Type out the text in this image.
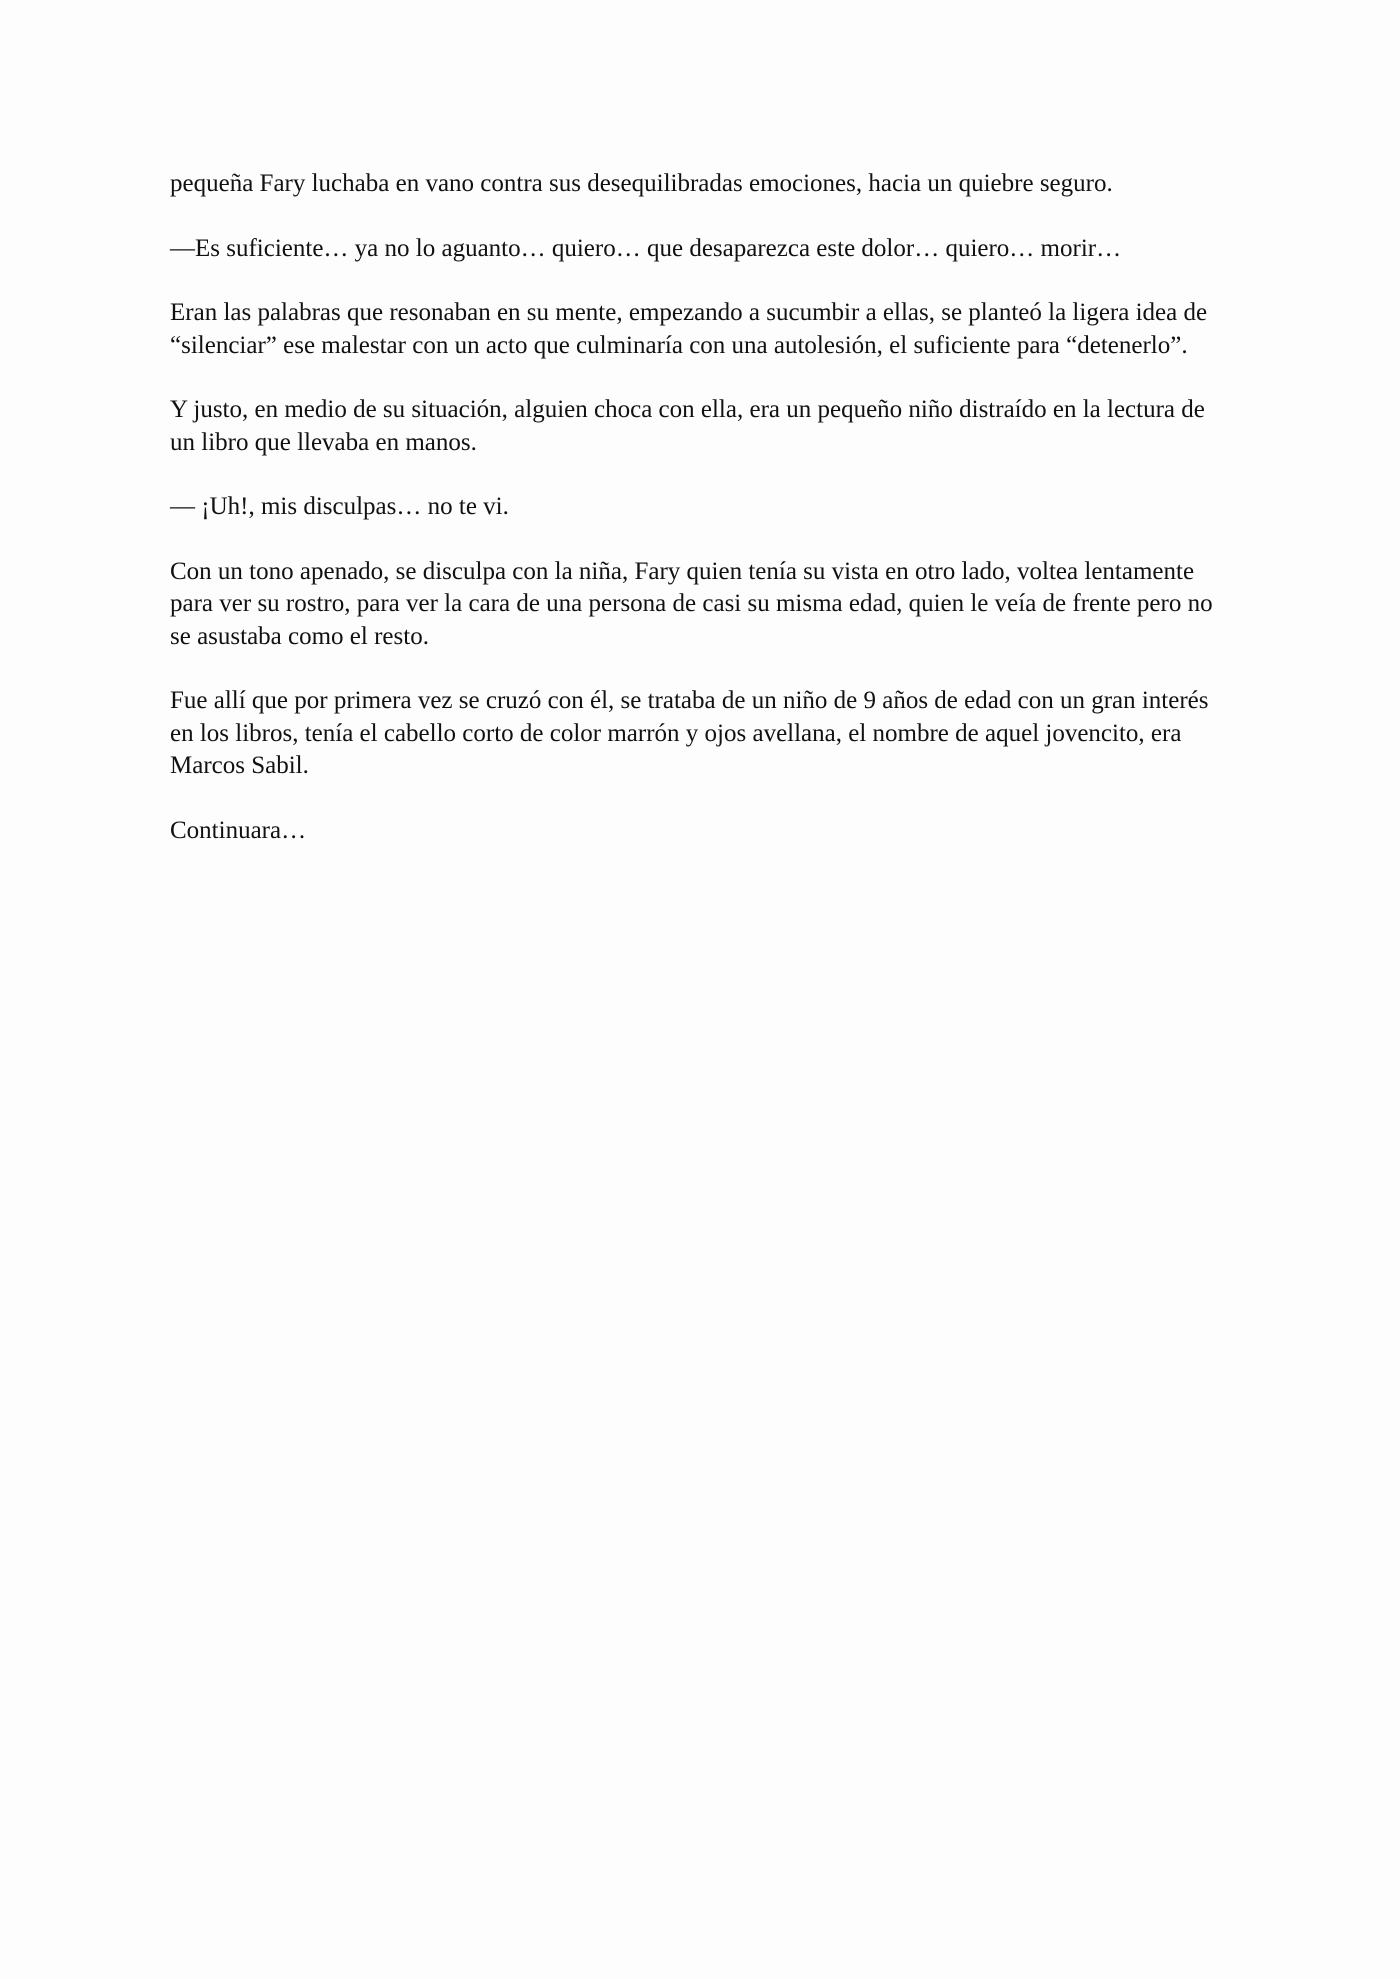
pequeña Fary luchaba en vano contra sus desequilibradas emociones, hacia un quiebre seguro.

—Es suficiente… ya no lo aguanto… quiero… que desaparezca este dolor… quiero… morir…

Eran las palabras que resonaban en su mente, empezando a sucumbir a ellas, se planteó la ligera idea de “silenciar” ese malestar con un acto que culminaría con una autolesión, el suficiente para “detenerlo”.

Y justo, en medio de su situación, alguien choca con ella, era un pequeño niño distraído en la lectura de un libro que llevaba en manos.

— ¡Uh!, mis disculpas… no te vi.

Con un tono apenado, se disculpa con la niña, Fary quien tenía su vista en otro lado, voltea lentamente para ver su rostro, para ver la cara de una persona de casi su misma edad, quien le veía de frente pero no se asustaba como el resto.

Fue allí que por primera vez se cruzó con él, se trataba de un niño de 9 años de edad con un gran interés en los libros, tenía el cabello corto de color marrón y ojos avellana, el nombre de aquel jovencito, era Marcos Sabil.

Continuara…
